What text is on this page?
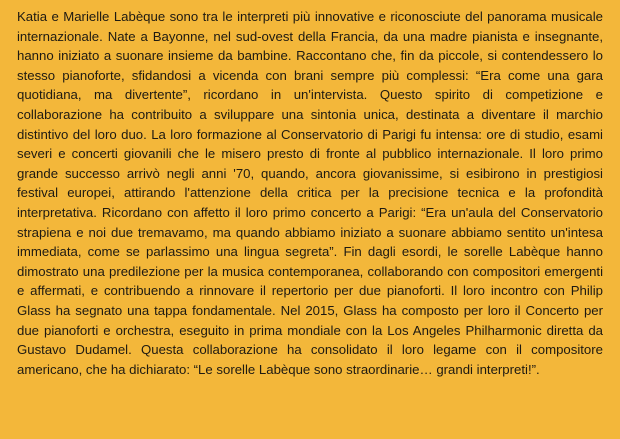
Katia e Marielle Labèque sono tra le interpreti più innovative e riconosciute del panorama musicale internazionale. Nate a Bayonne, nel sud-ovest della Francia, da una madre pianista e insegnante, hanno iniziato a suonare insieme da bambine. Raccontano che, fin da piccole, si contendessero lo stesso pianoforte, sfidandosi a vicenda con brani sempre più complessi: “Era come una gara quotidiana, ma divertente”, ricordano in un'intervista. Questo spirito di competizione e collaborazione ha contribuito a sviluppare una sintonia unica, destinata a diventare il marchio distintivo del loro duo. La loro formazione al Conservatorio di Parigi fu intensa: ore di studio, esami severi e concerti giovanili che le misero presto di fronte al pubblico internazionale. Il loro primo grande successo arrivò negli anni '70, quando, ancora giovanissime, si esibirono in prestigiosi festival europei, attirando l'attenzione della critica per la precisione tecnica e la profondità interpretativa. Ricordano con affetto il loro primo concerto a Parigi: “Era un'aula del Conservatorio strapiena e noi due tremavamo, ma quando abbiamo iniziato a suonare abbiamo sentito un'intesa immediata, come se parlassimo una lingua segreta”. Fin dagli esordi, le sorelle Labèque hanno dimostrato una predilezione per la musica contemporanea, collaborando con compositori emergenti e affermati, e contribuendo a rinnovare il repertorio per due pianoforti. Il loro incontro con Philip Glass ha segnato una tappa fondamentale. Nel 2015, Glass ha composto per loro il Concerto per due pianoforti e orchestra, eseguito in prima mondiale con la Los Angeles Philharmonic diretta da Gustavo Dudamel. Questa collaborazione ha consolidato il loro legame con il compositore americano, che ha dichiarato: “Le sorelle Labèque sono straordinarie… grandi interpreti!”.
